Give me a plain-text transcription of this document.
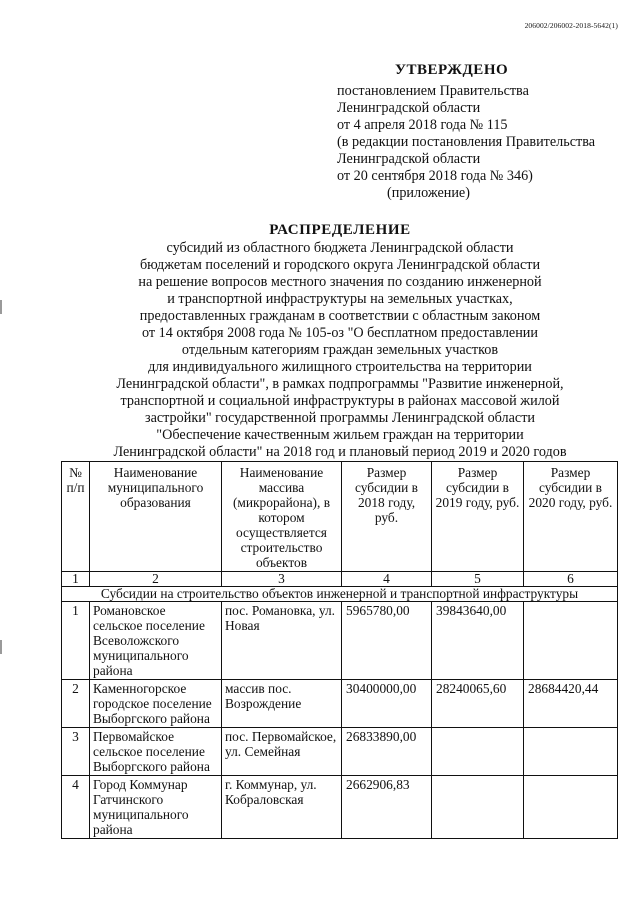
206002/206002-2018-5642(1)
УТВЕРЖДЕНО
постановлением Правительства
Ленинградской области
от 4 апреля 2018 года № 115
(в редакции постановления Правительства
Ленинградской области
от 20 сентября 2018 года № 346)
(приложение)
РАСПРЕДЕЛЕНИЕ
субсидий из областного бюджета Ленинградской области
бюджетам поселений и городского округа Ленинградской области
на решение вопросов местного значения по созданию инженерной
и транспортной инфраструктуры на земельных участках,
предоставленных гражданам в соответствии с областным законом
от 14 октября 2008 года № 105-оз "О бесплатном предоставлении
отдельным категориям граждан земельных участков
для индивидуального жилищного строительства на территории
Ленинградской области", в рамках подпрограммы "Развитие инженерной,
транспортной и социальной инфраструктуры в районах массовой жилой
застройки" государственной программы Ленинградской области
"Обеспечение качественным жильем граждан на территории
Ленинградской области" на 2018 год и плановый период 2019 и 2020 годов
№ п/п	Наименование муниципального образования	Наименование массива (микрорайона), в котором осуществляется строительство объектов	Размер субсидии в 2018 году, руб.	Размер субсидии в 2019 году, руб.	Размер субсидии в 2020 году, руб.
1	2	3	4	5	6
Субсидии на строительство объектов инженерной и транспортной инфраструктуры					
1	Романовское сельское поселение Всеволожского муниципального района	пос. Романовка, ул. Новая	5965780,00	39843640,00	
2	Каменногорское городское поселение Выборгского района	массив пос. Возрождение	30400000,00	28240065,60	28684420,44
3	Первомайское сельское поселение Выборгского района	пос. Первомайское, ул. Семейная	26833890,00		
4	Город Коммунар Гатчинского муниципального района	г. Коммунар, ул. Кобраловская	2662906,83		
